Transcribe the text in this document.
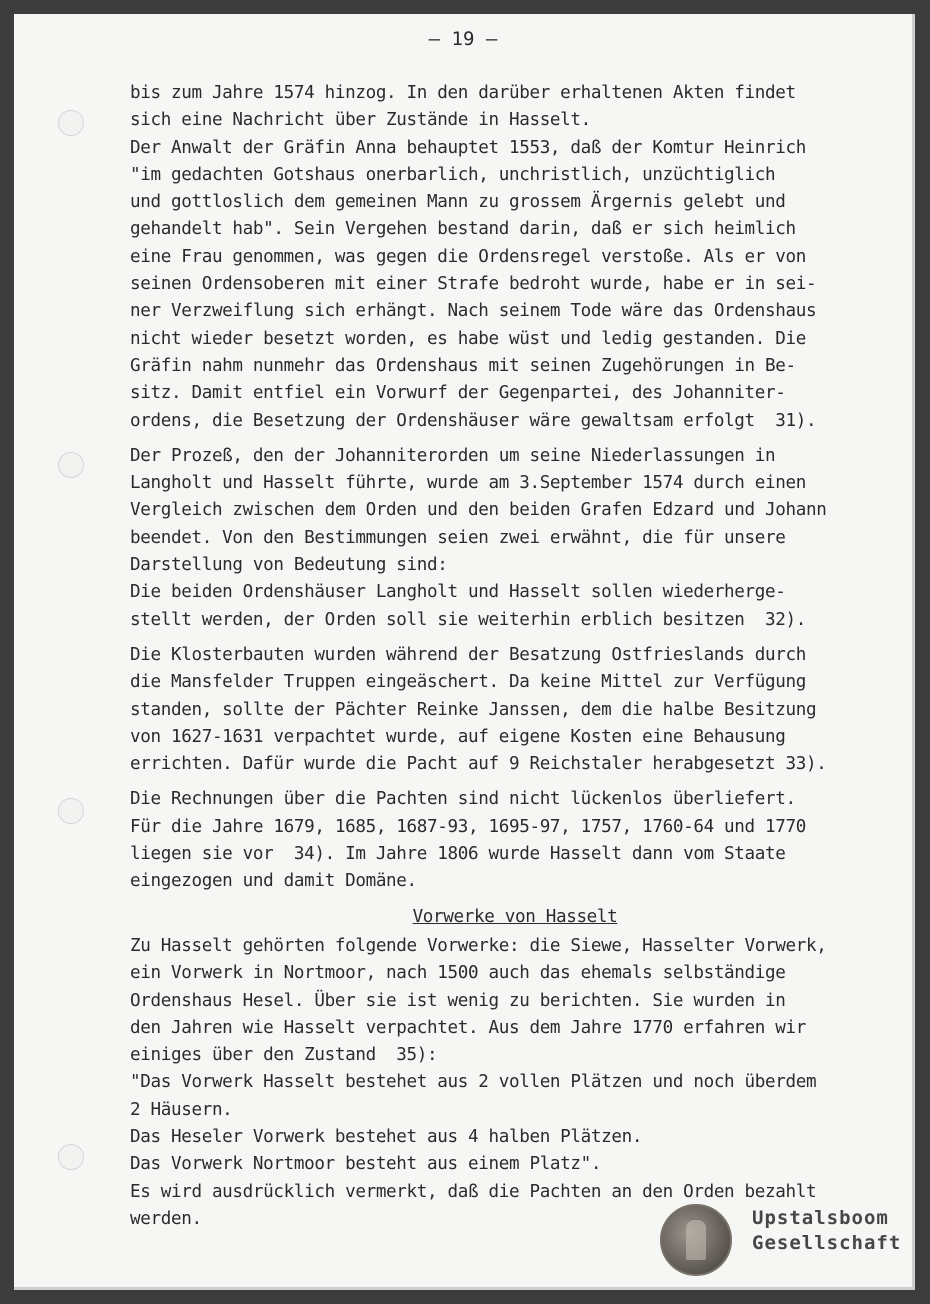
– 19 –
bis zum Jahre 1574 hinzog. In den darüber erhaltenen Akten findet
sich eine Nachricht über Zustände in Hasselt.
Der Anwalt der Gräfin Anna behauptet 1553, daß der Komtur Heinrich
"im gedachten Gotshaus onerbarlich, unchristlich, unzüchtiglich
und gottloslich dem gemeinen Mann zu grossem Ärgernis gelebt und
gehandelt hab". Sein Vergehen bestand darin, daß er sich heimlich
eine Frau genommen, was gegen die Ordensregel verstoße. Als er von
seinen Ordensoberen mit einer Strafe bedroht wurde, habe er in sei-
ner Verzweiflung sich erhängt. Nach seinem Tode wäre das Ordenshaus
nicht wieder besetzt worden, es habe wüst und ledig gestanden. Die
Gräfin nahm nunmehr das Ordenshaus mit seinen Zugehörungen in Be-
sitz. Damit entfiel ein Vorwurf der Gegenpartei, des Johanniter-
ordens, die Besetzung der Ordenshäuser wäre gewaltsam erfolgt  31).
Der Prozeß, den der Johanniterorden um seine Niederlassungen in
Langholt und Hasselt führte, wurde am 3.September 1574 durch einen
Vergleich zwischen dem Orden und den beiden Grafen Edzard und Johann
beendet. Von den Bestimmungen seien zwei erwähnt, die für unsere
Darstellung von Bedeutung sind:
Die beiden Ordenshäuser Langholt und Hasselt sollen wiederherge-
stellt werden, der Orden soll sie weiterhin erblich besitzen  32).
Die Klosterbauten wurden während der Besatzung Ostfrieslands durch
die Mansfelder Truppen eingeäschert. Da keine Mittel zur Verfügung
standen, sollte der Pächter Reinke Janssen, dem die halbe Besitzung
von 1627-1631 verpachtet wurde, auf eigene Kosten eine Behausung
errichten. Dafür wurde die Pacht auf 9 Reichstaler herabgesetzt 33).
Die Rechnungen über die Pachten sind nicht lückenlos überliefert.
Für die Jahre 1679, 1685, 1687-93, 1695-97, 1757, 1760-64 und 1770
liegen sie vor  34). Im Jahre 1806 wurde Hasselt dann vom Staate
eingezogen und damit Domäne.
Vorwerke von Hasselt
Zu Hasselt gehörten folgende Vorwerke: die Siewe, Hasselter Vorwerk,
ein Vorwerk in Nortmoor, nach 1500 auch das ehemals selbständige
Ordenshaus Hesel. Über sie ist wenig zu berichten. Sie wurden in
den Jahren wie Hasselt verpachtet. Aus dem Jahre 1770 erfahren wir
einiges über den Zustand  35):
"Das Vorwerk Hasselt bestehet aus 2 vollen Plätzen und noch überdem
2 Häusern.
Das Heseler Vorwerk bestehet aus 4 halben Plätzen.
Das Vorwerk Nortmoor besteht aus einem Platz".
Es wird ausdrücklich vermerkt, daß die Pachten an den Orden bezahlt
werden.	Upstalsboom
Gesellschaft
